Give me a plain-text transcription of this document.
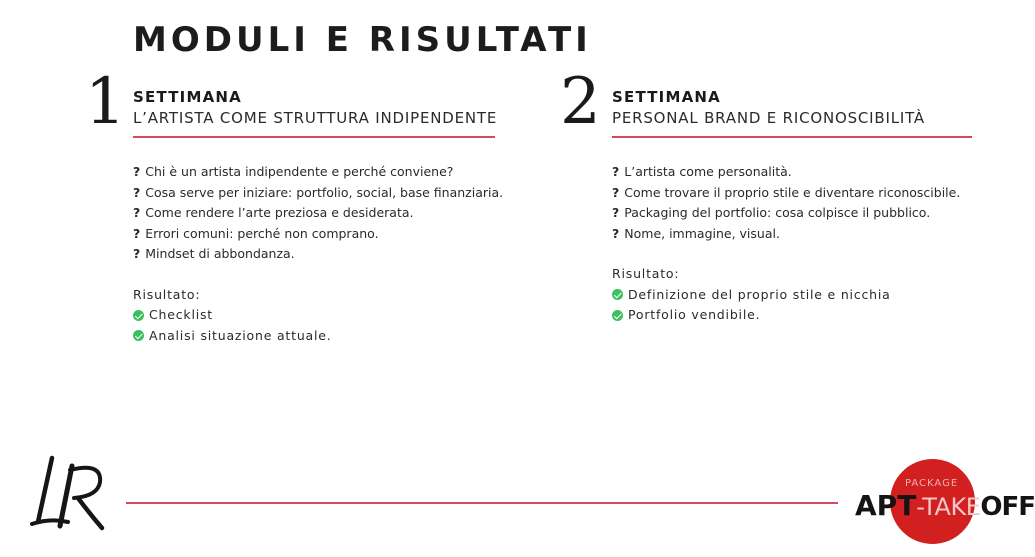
MODULI E RISULTATI
1 SETTIMANA
L’ARTISTA COME STRUTTURA INDIPENDENTE
? Chi è un artista indipendente e perché conviene?
? Cosa serve per iniziare: portfolio, social, base finanziaria.
? Come rendere l’arte preziosa e desiderata.
? Errori comuni: perché non comprano.
? Mindset di abbondanza.
Risultato:
Checklist
Analisi situazione attuale.
2 SETTIMANA
PERSONAL BRAND E RICONOSCIBILITÀ
? L’artista come personalità.
? Come trovare il proprio stile e diventare riconoscibile.
? Packaging del portfolio: cosa colpisce il pubblico.
? Nome, immagine, visual.
Risultato:
Definizione del proprio stile e nicchia
Portfolio vendibile.
PACKAGE
APT-TAKEOFF
